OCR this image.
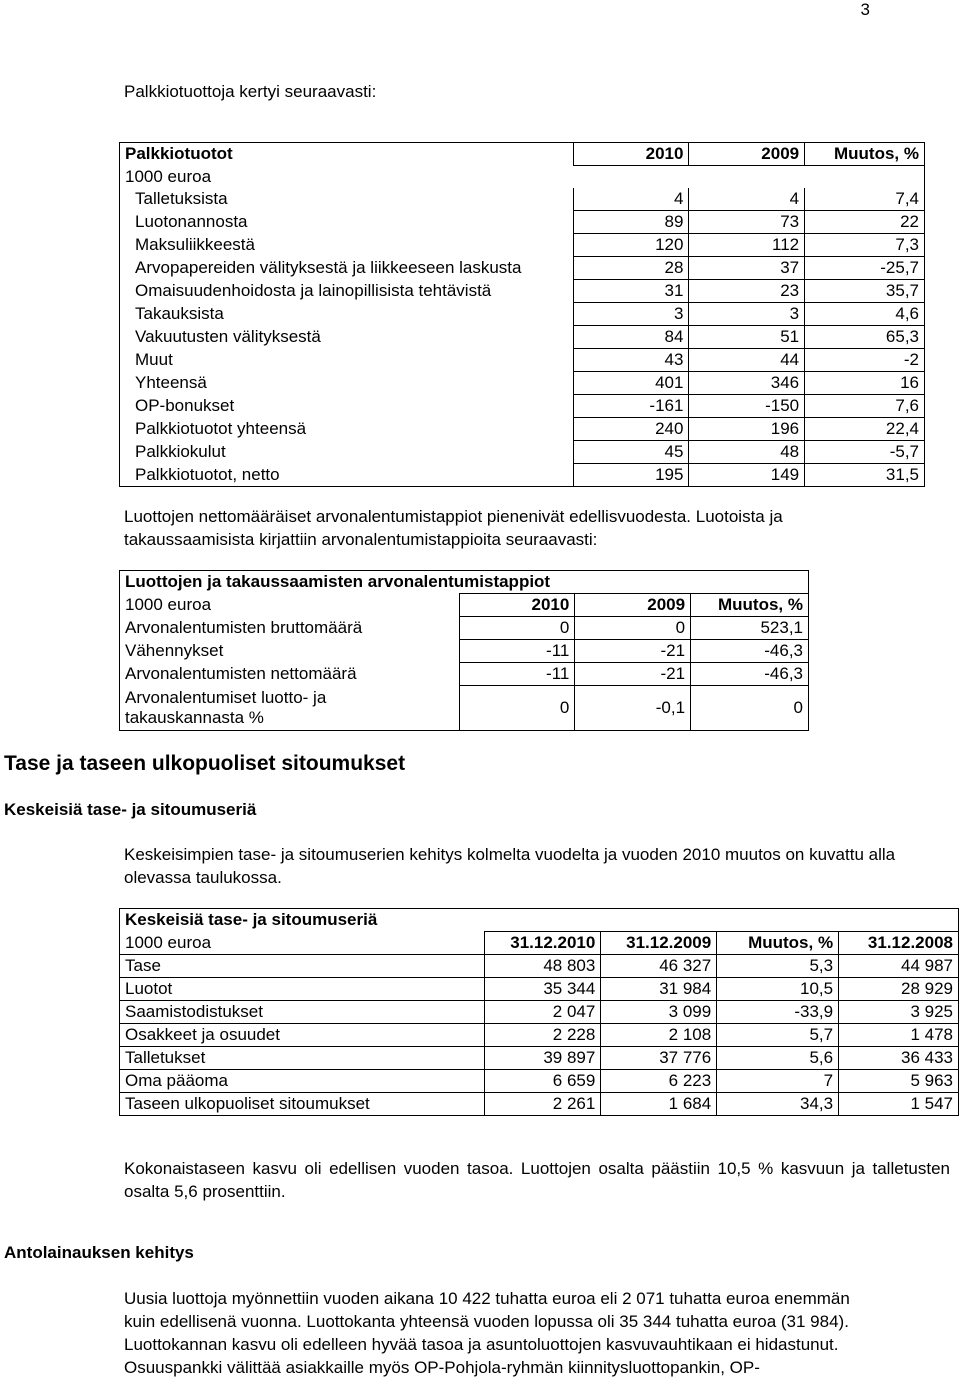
3
Palkkiotuottoja kertyi seuraavasti:
Palkkiotuotot	2010	2009	Muutos, %
1000 euroa			
Talletuksista	4	4	7,4
Luotonannosta	89	73	22
Maksuliikkeestä	120	112	7,3
Arvopapereiden välityksestä ja liikkeeseen laskusta	28	37	-25,7
Omaisuudenhoidosta ja lainopillisista tehtävistä	31	23	35,7
Takauksista	3	3	4,6
Vakuutusten välityksestä	84	51	65,3
Muut	43	44	-2
Yhteensä	401	346	16
OP-bonukset	-161	-150	7,6
Palkkiotuotot yhteensä	240	196	22,4
Palkkiokulut	45	48	-5,7
Palkkiotuotot, netto	195	149	31,5
Luottojen nettomääräiset arvonalentumistappiot pienenivät edellisvuodesta. Luotoista ja takaussaamisista kirjattiin arvonalentumistappioita seuraavasti:
Luottojen ja takaussaamisten arvonalentumistappiot			
1000 euroa	2010	2009	Muutos, %
Arvonalentumisten bruttomäärä	0	0	523,1
Vähennykset	-11	-21	-46,3
Arvonalentumisten nettomäärä	-11	-21	-46,3
Arvonalentumiset luotto- ja
takauskannasta %	0	-0,1	0
Tase ja taseen ulkopuoliset sitoumukset
Keskeisiä tase- ja sitoumuseriä
Keskeisimpien tase- ja sitoumuserien kehitys kolmelta vuodelta ja vuoden 2010 muutos on kuvattu alla olevassa taulukossa.
Keskeisiä tase- ja sitoumuseriä				
1000 euroa	31.12.2010	31.12.2009	Muutos, %	31.12.2008
Tase	48 803	46 327	5,3	44 987
Luotot	35 344	31 984	10,5	28 929
Saamistodistukset	2 047	3 099	-33,9	3 925
Osakkeet ja osuudet	2 228	2 108	5,7	1 478
Talletukset	39 897	37 776	5,6	36 433
Oma pääoma	6 659	6 223	7	5 963
Taseen ulkopuoliset sitoumukset	2 261	1 684	34,3	1 547
Kokonaistaseen kasvu oli edellisen vuoden tasoa. Luottojen osalta päästiin 10,5 % kasvuun ja talletusten osalta 5,6 prosenttiin.
Antolainauksen kehitys
Uusia luottoja myönnettiin vuoden aikana 10 422 tuhatta euroa eli 2 071 tuhatta euroa enemmän
kuin edellisenä vuonna. Luottokanta yhteensä vuoden lopussa oli 35 344 tuhatta euroa (31 984).
Luottokannan kasvu oli edelleen hyvää tasoa ja asuntoluottojen kasvuvauhtikaan ei hidastunut.
Osuuspankki välittää asiakkaille myös OP-Pohjola-ryhmän kiinnitysluottopankin, OP-
